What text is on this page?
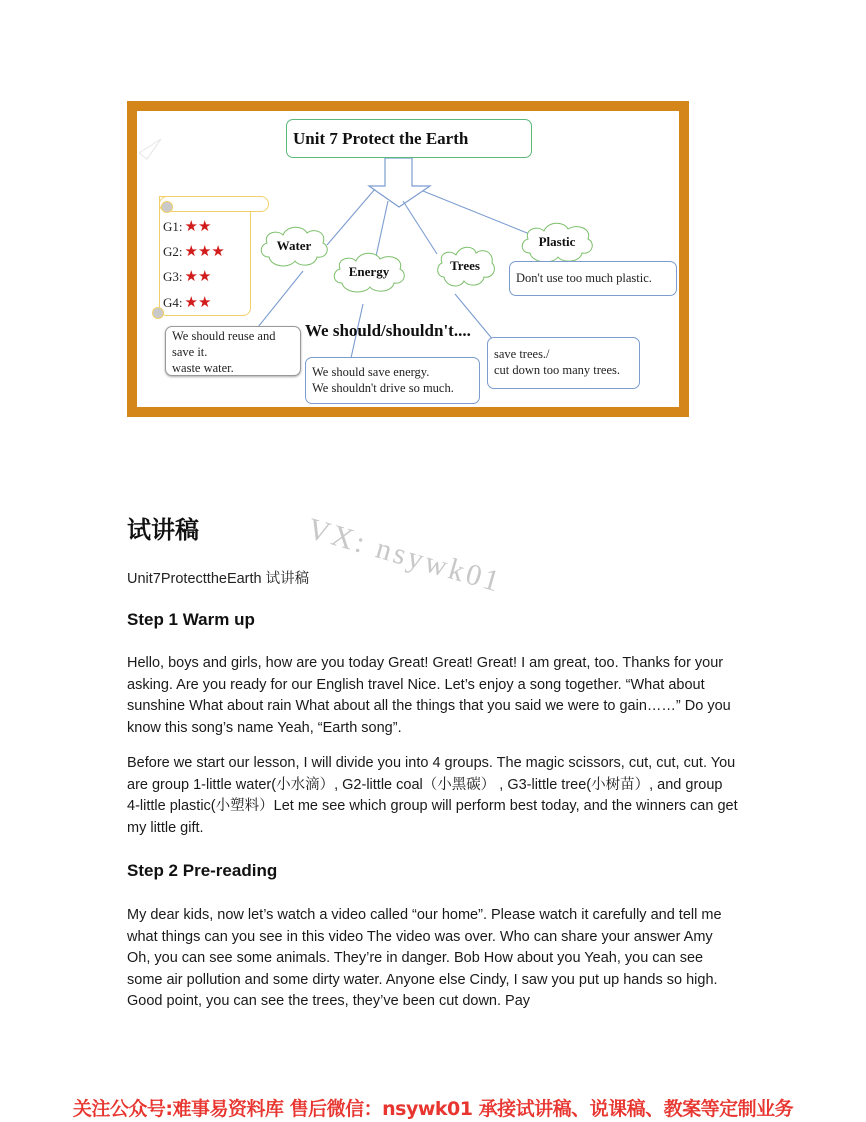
Unit 7 Protect the Earth
G1: ★★
G2: ★★★
G3: ★★
G4: ★★
Water
Energy	Trees
Plastic
Don't use too much plastic.
We should reuse and
save it.
waste water.
We should/shouldn't....
We should save energy.
We shouldn't drive so much.
save trees./
cut down too many trees.
VX: nsywk01
试讲稿
Unit7ProtecttheEarth 试讲稿
Step 1 Warm up
Hello, boys and girls, how are you today Great! Great! Great! I am great, too. Thanks for your asking. Are you ready for our English travel Nice. Let’s enjoy a song together. “What about sunshine What about rain What about all the things that you said we were to gain……” Do you know this song’s name Yeah, “Earth song”.
Before we start our lesson, I will divide you into 4 groups. The magic scissors, cut, cut, cut. You are group 1-little water(小水滴）, G2-little coal（小黑碳） , G3-little tree(小树苗）, and group 4-little plastic(小塑料）Let me see which group will perform best today, and the winners can get my little gift.
Step 2 Pre-reading
My dear kids, now let’s watch a video called “our home”. Please watch it carefully and tell me what things can you see in this video The video was over. Who can share your answer Amy Oh, you can see some animals. They’re in danger. Bob How about you Yeah, you can see some air pollution and some dirty water. Anyone else Cindy, I saw you put up hands so high. Good point, you can see the trees, they’ve been cut down. Pay
关注公众号:难事易资料库 售后微信：nsywk01 承接试讲稿、说课稿、教案等定制业务
